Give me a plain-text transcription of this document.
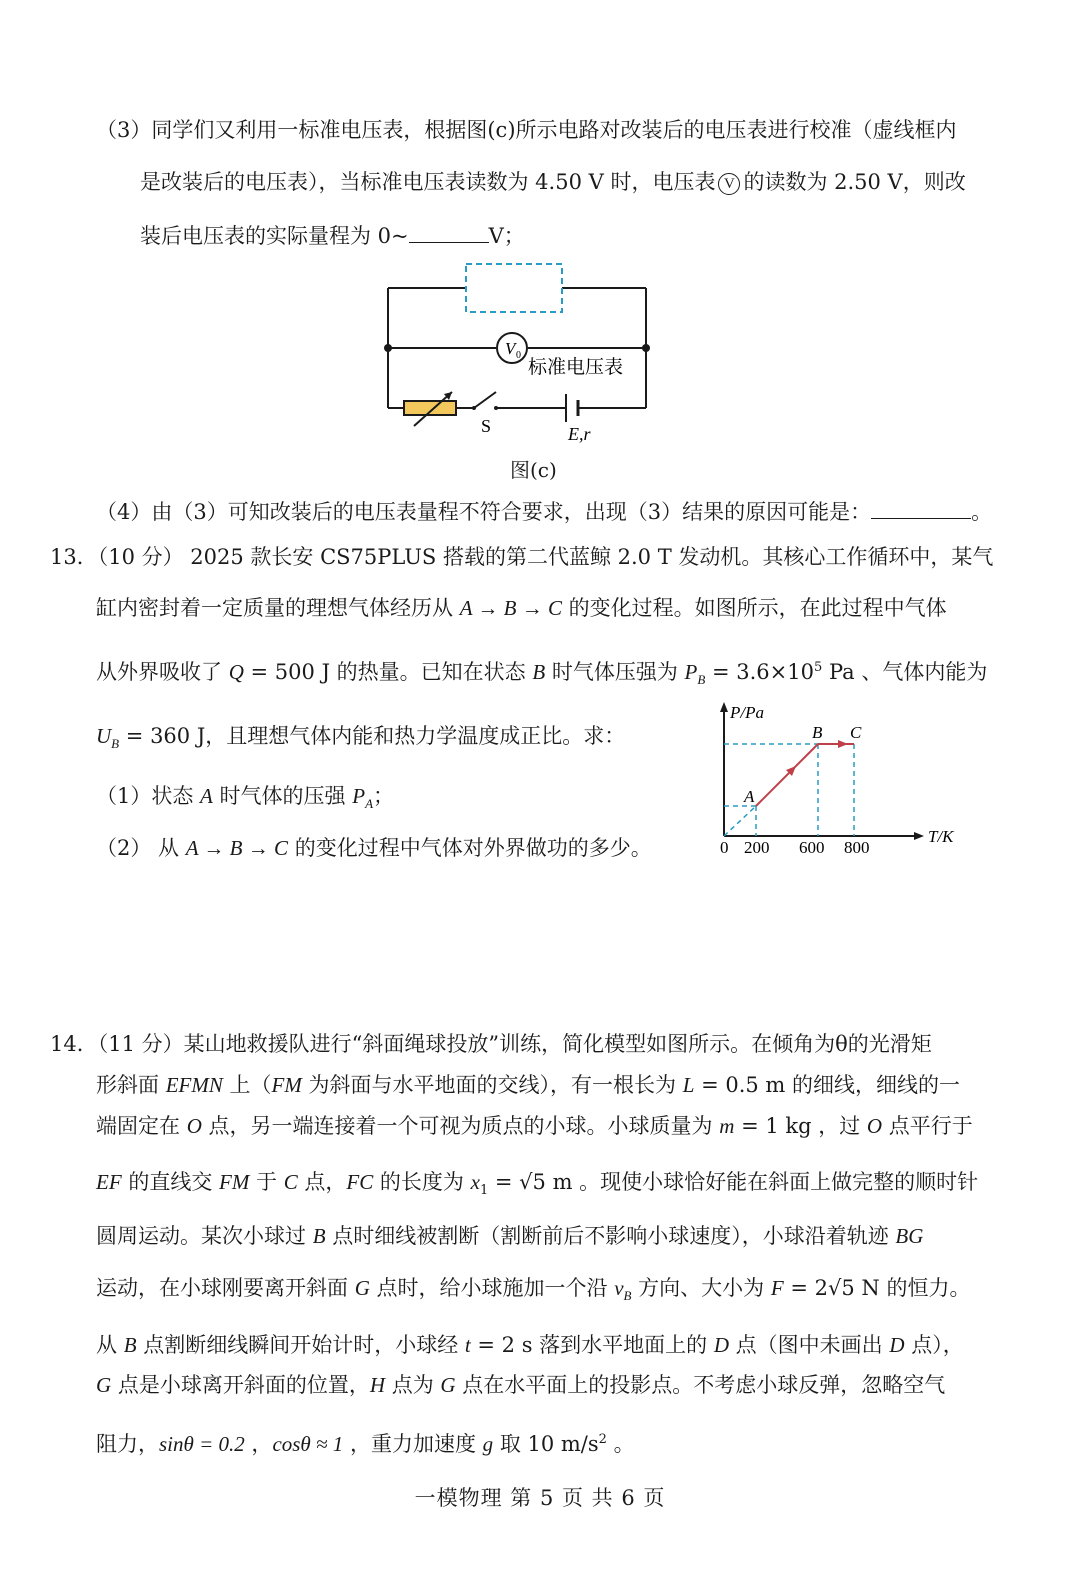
（3）同学们又利用一标准电压表，根据图(c)所示电路对改装后的电压表进行校准（虚线框内
是改装后的电压表），当标准电压表读数为 4.50 V 时，电压表 V 的读数为 2.50 V，则改
装后电压表的实际量程为 0~	V；
V 0
标准电压表
S	E,r
图(c)
（4）由（3）可知改装后的电压表量程不符合要求，出现（3）结果的原因可能是：	。
13．（10 分） 2025 款长安 CS75PLUS 搭载的第二代蓝鲸 2.0 T 发动机。其核心工作循环中，某气
缸内密封着一定质量的理想气体经历从 A → B → C 的变化过程。如图所示，在此过程中气体
从外界吸收了 Q = 500 J 的热量。已知在状态 B 时气体压强为 $P_B = 3.6\times 10^5$ Pa 、气体内能为
$U_B = 360$ J，且理想气体内能和热力学温度成正比。求：
（1）状态 A 时气体的压强 $P_A$；
（2） 从 A → B → C 的变化过程中气体对外界做功的多少。
P/Pa
T/K
0 200 600 800
A
B C
14．（11 分）某山地救援队进行“斜面绳球投放”训练，简化模型如图所示。在倾角为θ的光滑矩
形斜面 EFMN 上（FM 为斜面与水平地面的交线），有一根长为 L = 0.5 m 的细线，细线的一
端固定在 O 点，另一端连接着一个可视为质点的小球。小球质量为 m = 1 kg ，过 O 点平行于
EF 的直线交 FM 于 C 点，FC 的长度为 $x_1 = √5$ m 。现使小球恰好能在斜面上做完整的顺时针
圆周运动。某次小球过 B 点时细线被割断（割断前后不影响小球速度），小球沿着轨迹 BG
运动，在小球刚要离开斜面 G 点时，给小球施加一个沿 $v_B$ 方向、大小为 F = 2√5 N 的恒力。
从 B 点割断细线瞬间开始计时，小球经 t = 2 s 落到水平地面上的 D 点（图中未画出 D 点），
G 点是小球离开斜面的位置，H 点为 G 点在水平面上的投影点。不考虑小球反弹，忽略空气
阻力，sinθ = 0.2 ，cosθ ≈ 1 ，重力加速度 g 取 10 $m/s^2$ 。
一模物理 第 5 页 共 6 页
